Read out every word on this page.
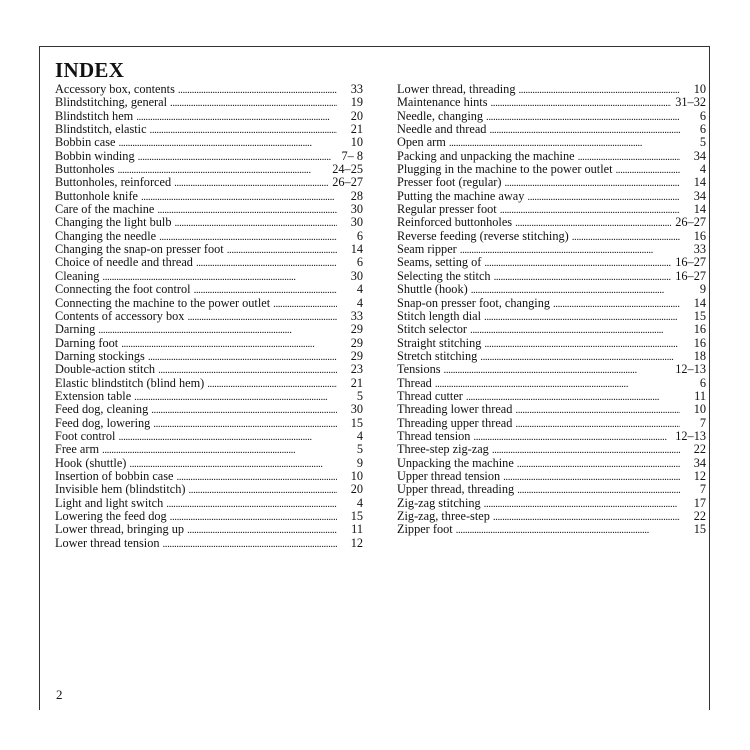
INDEX
Accessory box, contents . . .	33
Blindstitching, general . . .	19
Blindstitch hem . . .	20
Blindstitch, elastic . . .	21
Bobbin case . . .	10
Bobbin winding . . .	7– 8
Buttonholes . . .	24–25
Buttonholes, reinforced . . .	26–27
Buttonhole knife . . .	28
Care of the machine . . .	30
Changing the light bulb . . .	30
Changing the needle . . .	6
Changing the snap-on presser foot . . .	14
Choice of needle and thread . . .	6
Cleaning . . .	30
Connecting the foot control . . .	4
Connecting the machine to the power outlet . . .	4
Contents of accessory box . . .	33
Darning . . .	29
Darning foot . . .	29
Darning stockings . . .	29
Double-action stitch . . .	23
Elastic blindstitch (blind hem) . . .	21
Extension table . . .	5
Feed dog, cleaning . . .	30
Feed dog, lowering . . .	15
Foot control . . .	4
Free arm . . .	5
Hook (shuttle) . . .	9
Insertion of bobbin case . . .	10
Invisible hem (blindstitch) . . .	20
Light and light switch . . .	4
Lowering the feed dog . . .	15
Lower thread, bringing up . . .	11
Lower thread tension . . .	12
Lower thread, threading . . .	10
Maintenance hints . . .	31–32
Needle, changing . . .	6
Needle and thread . . .	6
Open arm . . .	5
Packing and unpacking the machine . . .	34
Plugging in the machine to the power outlet . . .	4
Presser foot (regular) . . .	14
Putting the machine away . . .	34
Regular presser foot . . .	14
Reinforced buttonholes . . .	26–27
Reverse feeding (reverse stitching) . . .	16
Seam ripper . . .	33
Seams, setting of . . .	16–27
Selecting the stitch . . .	16–27
Shuttle (hook) . . .	9
Snap-on presser foot, changing . . .	14
Stitch length dial . . .	15
Stitch selector . . .	16
Straight stitching . . .	16
Stretch stitching . . .	18
Tensions . . .	12–13
Thread . . .	6
Thread cutter . . .	11
Threading lower thread . . .	10
Threading upper thread . . .	7
Thread tension . . .	12–13
Three-step zig-zag . . .	22
Unpacking the machine . . .	34
Upper thread tension . . .	12
Upper thread, threading . . .	7
Zig-zag stitching . . .	17
Zig-zag, three-step . . .	22
Zipper foot . . .	15
2
